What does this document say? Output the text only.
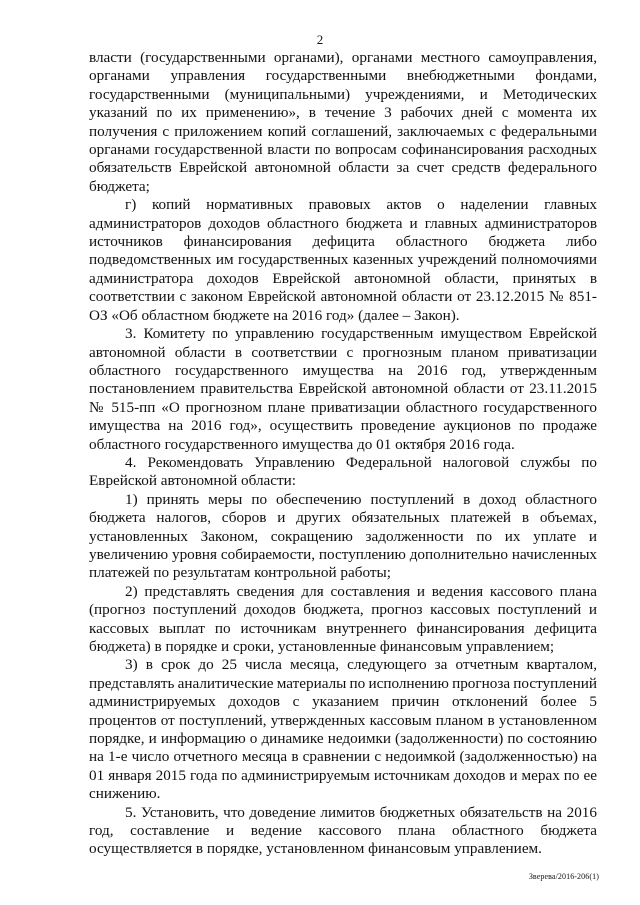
2

власти (государственными органами), органами местного самоуправления, органами управления государственными внебюджетными фондами, государственными (муниципальными) учреждениями, и Методических указаний по их применению», в течение 3 рабочих дней с момента их получения с приложением копий соглашений, заключаемых с федеральными органами государственной власти по вопросам софинансирования расходных обязательств Еврейской автономной области за счет средств федерального бюджета;

г) копий нормативных правовых актов о наделении главных администраторов доходов областного бюджета и главных администраторов источников финансирования дефицита областного бюджета либо подведомственных им государственных казенных учреждений полномочиями администратора доходов Еврейской автономной области, принятых в соответствии с законом Еврейской автономной области от 23.12.2015 № 851-ОЗ «Об областном бюджете на 2016 год» (далее – Закон).

3. Комитету по управлению государственным имуществом Еврейской автономной области в соответствии с прогнозным планом приватизации областного государственного имущества на 2016 год, утвержденным постановлением правительства Еврейской автономной области от 23.11.2015 № 515-пп «О прогнозном плане приватизации областного государственного имущества на 2016 год», осуществить проведение аукционов по продаже областного государственного имущества до 01 октября 2016 года.

4. Рекомендовать Управлению Федеральной налоговой службы по Еврейской автономной области:

1) принять меры по обеспечению поступлений в доход областного бюджета налогов, сборов и других обязательных платежей в объемах, установленных Законом, сокращению задолженности по их уплате и увеличению уровня собираемости, поступлению дополнительно начисленных платежей по результатам контрольной работы;

2) представлять сведения для составления и ведения кассового плана (прогноз поступлений доходов бюджета, прогноз кассовых поступлений и кассовых выплат по источникам внутреннего финансирования дефицита бюджета) в порядке и сроки, установленные финансовым управлением;

3) в срок до 25 числа месяца, следующего за отчетным кварталом, представлять аналитические материалы по исполнению прогноза поступлений администрируемых доходов с указанием причин отклонений более 5 процентов от поступлений, утвержденных кассовым планом в установленном порядке, и информацию о динамике недоимки (задолженности) по состоянию на 1-е число отчетного месяца в сравнении с недоимкой (задолженностью) на 01 января 2015 года по администрируемым источникам доходов и мерах по ее снижению.

5. Установить, что доведение лимитов бюджетных обязательств на 2016 год, составление и ведение кассового плана областного бюджета осуществляется в порядке, установленном финансовым управлением.

Зверева/2016-206(1)
